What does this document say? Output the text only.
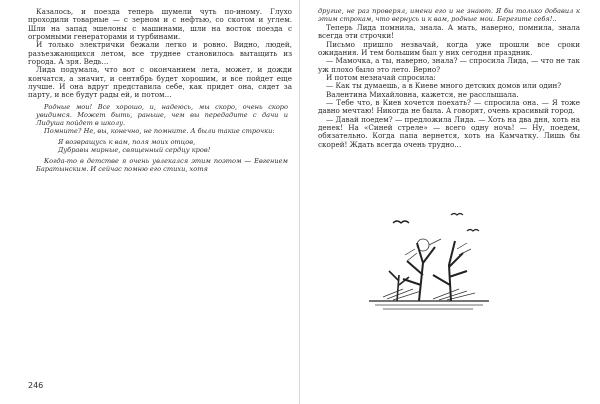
Казалось, и поезда теперь шумели чуть по-иному. Глухо проходили товарные — с зерном и с нефтью, со скотом и углем. Шли на запад эшелоны с машинами, шли на восток поезда с огромными генераторами и турбинами.

И только электрички бежали легко и ровно. Видно, людей, разъезжающихся летом, все труднее становилось вытащить из города. А зря. Ведь...

Лида подумала, что вот с окончанием лета, может, и дожди кончатся, а значит, и сентябрь будет хорошим, и все пойдет еще лучше. И она вдруг представила себе, как придет она, сядет за парту, и все будут рады ей, и потом...

Родные мои! Все хорошо, и, надеюсь, мы скоро, очень скоро увидимся. Может быть, раньше, чем вы передадите с дачи и Лидуша пойдет в школу.

Помните? Не, вы, конечно, не помните. А были такие строчки:

Я возвращусь к вам, поля моих отцов,
Дубравы мирные, священный сердцу кров!

Когда-то в детстве я очень увлекался этим поэтом — Евгением Баратынским. И сейчас помню его стихи, хотя

246

другие, не раз проверял, имени его и не знают. Я бы только добавил к этим строкам, что вернусь и к вам, родные мои. Берегите себя!..

Теперь Лида помнила, знала. А мать, наверно, помнила, знала всегда эти строчки!

Письмо пришло незвачай, когда уже прошли все сроки ожидания. И тем большим был у них сегодня праздник.

— Мамочка, а ты, наверно, знала? — спросила Лида, — что не так уж плохо было это лето. Верно?

И потом незначай спросила:

— Как ты думаешь, а в Киеве много детских домов или один?

Валентина Михайловна, кажется, не расслышала.

— Тебе что, в Киев хочется поехать? — спросила она. — Я тоже давно мечтаю! Никогда не была. А говорят, очень красивый город.

— Давай поедем? — предложила Лида. — Хоть на два дня, хоть на денек! На «Синей стреле» — всего одну ночь! — Ну, поедем, обязательно. Когда папа вернется, хоть на Камчатку. Лишь бы скорей! Ждать всегда очень трудно...
